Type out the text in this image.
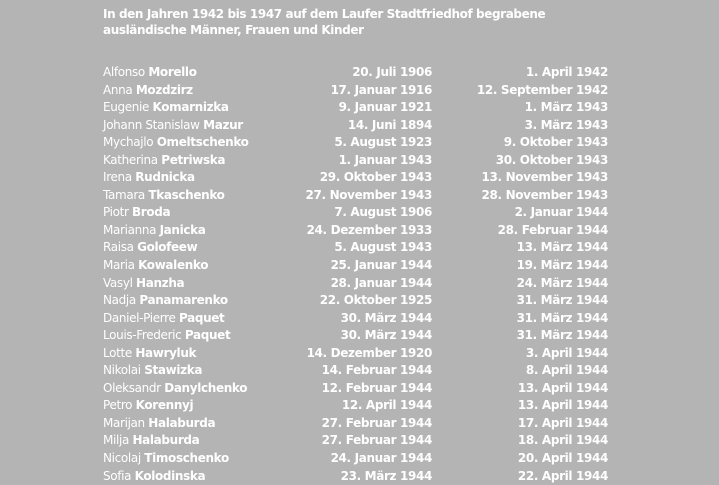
In den Jahren 1942 bis 1947 auf dem Laufer Stadtfriedhof begrabene ausländische Männer, Frauen und Kinder
Alfonso Morello	20. Juli 1906	1. April 1942
Anna Mozdzirz	17. Januar 1916	12. September 1942
Eugenie Komarnizka	9. Januar 1921	1. März 1943
Johann Stanislaw Mazur	14. Juni 1894	3. März 1943
Mychajlo Omeltschenko	5. August 1923	9. Oktober 1943
Katherina Petriwska	1. Januar 1943	30. Oktober 1943
Irena Rudnicka	29. Oktober 1943	13. November 1943
Tamara Tkaschenko	27. November 1943	28. November 1943
Piotr Broda	7. August 1906	2. Januar 1944
Marianna Janicka	24. Dezember 1933	28. Februar 1944
Raisa Golofeew	5. August 1943	13. März 1944
Maria Kowalenko	25. Januar 1944	19. März 1944
Vasyl Hanzha	28. Januar 1944	24. März 1944
Nadja Panamarenko	22. Oktober 1925	31. März 1944
Daniel-Pierre Paquet	30. März 1944	31. März 1944
Louis-Frederic Paquet	30. März 1944	31. März 1944
Lotte Hawryluk	14. Dezember 1920	3. April 1944
Nikolai Stawizka	14. Februar 1944	8. April 1944
Oleksandr Danylchenko	12. Februar 1944	13. April 1944
Petro Korennyj	12. April 1944	13. April 1944
Marijan Halaburda	27. Februar 1944	17. April 1944
Milja Halaburda	27. Februar 1944	18. April 1944
Nicolaj Timoschenko	24. Januar 1944	20. April 1944
Sofia Kolodinska	23. März 1944	22. April 1944
